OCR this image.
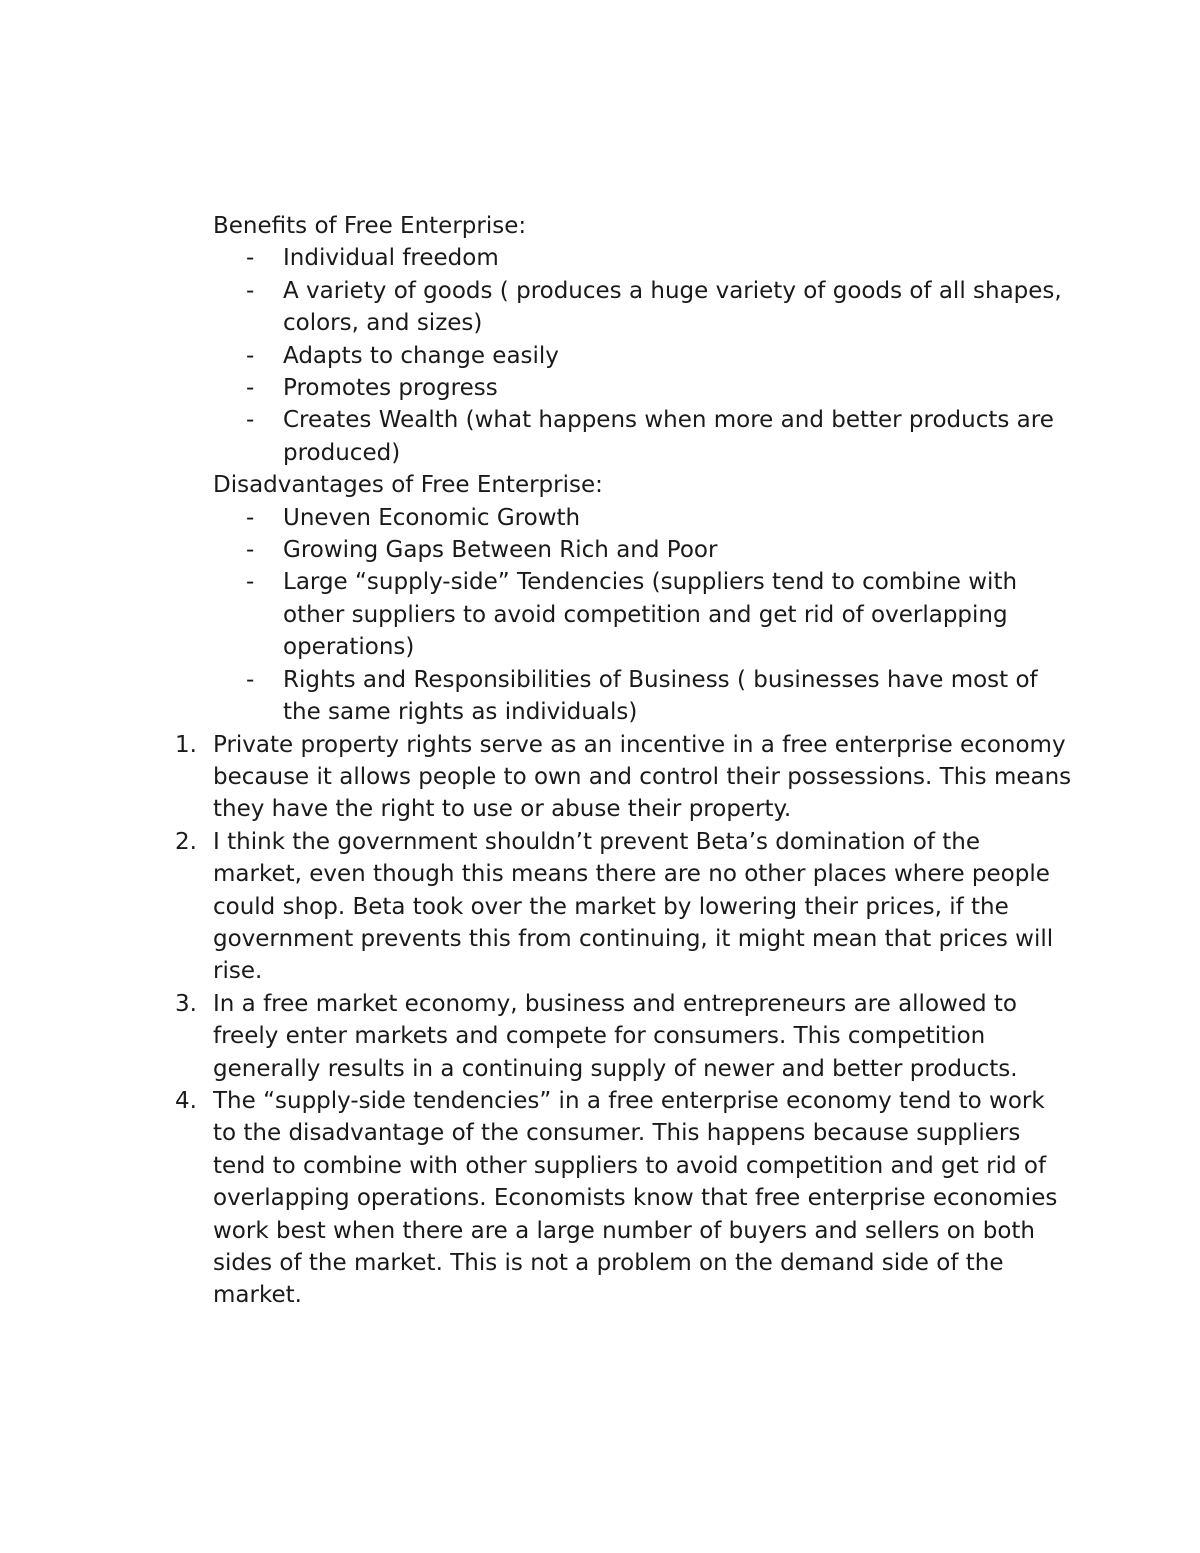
Benefits of Free Enterprise:

- Individual freedom
- A variety of goods ( produces a huge variety of goods of all shapes, colors, and sizes)
- Adapts to change easily
- Promotes progress
- Creates Wealth (what happens when more and better products are produced)

Disadvantages of Free Enterprise:

- Uneven Economic Growth
- Growing Gaps Between Rich and Poor
- Large “supply-side” Tendencies (suppliers tend to combine with other suppliers to avoid competition and get rid of overlapping operations)
- Rights and Responsibilities of Business ( businesses have most of the same rights as individuals)
1. Private property rights serve as an incentive in a free enterprise economy because it allows people to own and control their possessions. This means they have the right to use or abuse their property.
2. I think the government shouldn’t prevent Beta’s domination of the market, even though this means there are no other places where people could shop. Beta took over the market by lowering their prices, if the government prevents this from continuing, it might mean that prices will rise.
3. In a free market economy, business and entrepreneurs are allowed to freely enter markets and compete for consumers. This competition generally results in a continuing supply of newer and better products.
4. The “supply-side tendencies” in a free enterprise economy tend to work to the disadvantage of the consumer. This happens because suppliers tend to combine with other suppliers to avoid competition and get rid of overlapping operations. Economists know that free enterprise economies work best when there are a large number of buyers and sellers on both sides of the market. This is not a problem on the demand side of the market.
